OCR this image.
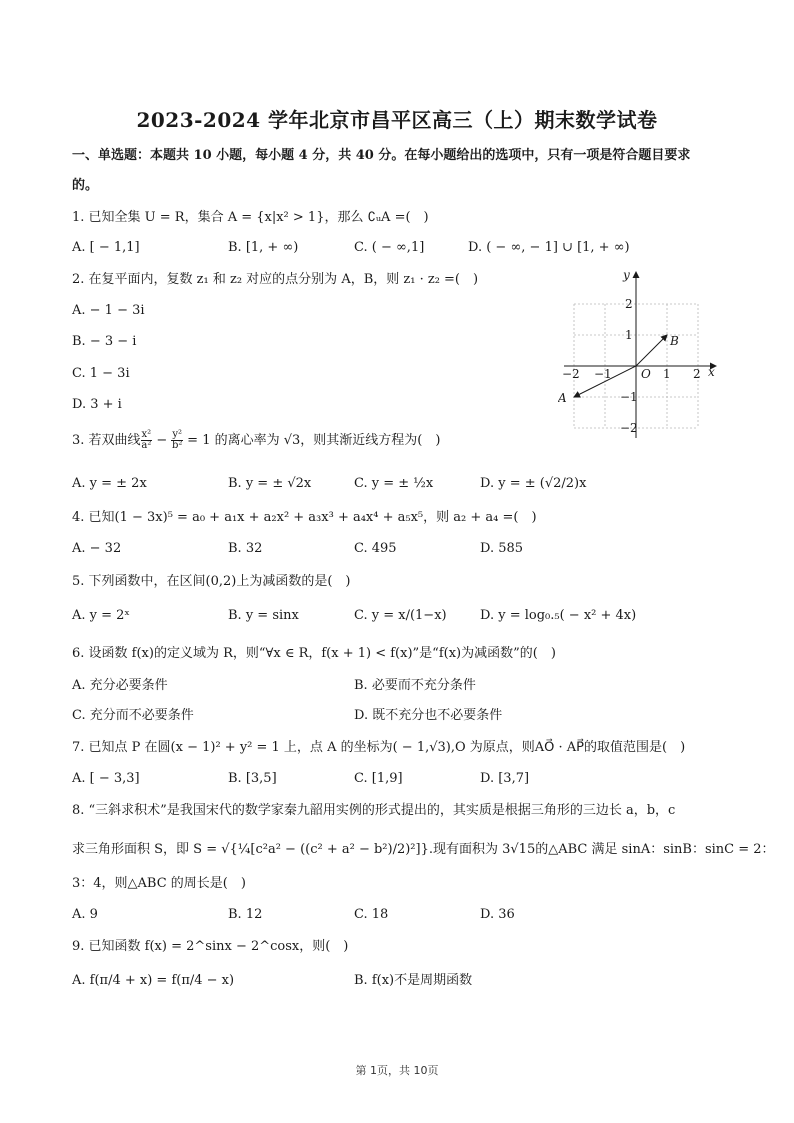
2023-2024 学年北京市昌平区高三（上）期末数学试卷
一、单选题：本题共 10 小题，每小题 4 分，共 40 分。在每小题给出的选项中，只有一项是符合题目要求
的。
1. 已知全集 U = R，集合 A = {x|x² > 1}，那么 ∁ᵤA =(　)
A. [ − 1,1]	B. [1, + ∞)	C. ( − ∞,1]	D. ( − ∞, − 1] ∪ [1, + ∞)
2. 在复平面内，复数 z₁ 和 z₂ 对应的点分别为 A，B，则 z₁ · z₂ =(　)
A. − 1 − 3i
B. − 3 − i
C. 1 − 3i
D. 3 + i
x
y
O
−2 −1	1 2
2
1
−1
−2
B
A
3. 若双曲线 $\frac{\text{x²}}{\text{a²}} - \frac{\text{y²}}{\text{b²}} = 1$ 的离心率为 √3，则其渐近线方程为(　)
A. y = ± 2x	B. y = ± √2x	C. y = ± ½x	D. y = ± (√2/2)x
4. 已知(1 − 3x)⁵ = a₀ + a₁x + a₂x² + a₃x³ + a₄x⁴ + a₅x⁵，则 a₂ + a₄ =(　)
A. − 32	B. 32	C. 495	D. 585
5. 下列函数中，在区间(0,2)上为减函数的是(　)
A. y = 2ˣ	B. y = sinx	C. y = x/(1−x)	D. y = log₀.₅( − x² + 4x)
6. 设函数 f(x)的定义域为 R，则“∀x ∈ R，f(x + 1) < f(x)”是“f(x)为减函数”的(　)
A. 充分必要条件	B. 必要而不充分条件
C. 充分而不必要条件	D. 既不充分也不必要条件
7. 已知点 P 在圆(x − 1)² + y² = 1 上，点 A 的坐标为( − 1,√3),O 为原点，则AO⃗ · AP⃗的取值范围是(　)
A. [ − 3,3]	B. [3,5]	C. [1,9]	D. [3,7]
8. “三斜求积术”是我国宋代的数学家秦九韶用实例的形式提出的，其实质是根据三角形的三边长 a，b，c
求三角形面积 S，即 S = √{¼[c²a² − ((c² + a² − b²)/2)²]}.现有面积为 3√15的△ABC 满足 sinA：sinB：sinC = 2：
3：4，则△ABC 的周长是(　)
A. 9	B. 12	C. 18	D. 36
9. 已知函数 f(x) = 2^sinx − 2^cosx，则(　)
A. f(π/4 + x) = f(π/4 − x)	B. f(x)不是周期函数
第 1页，共 10页
